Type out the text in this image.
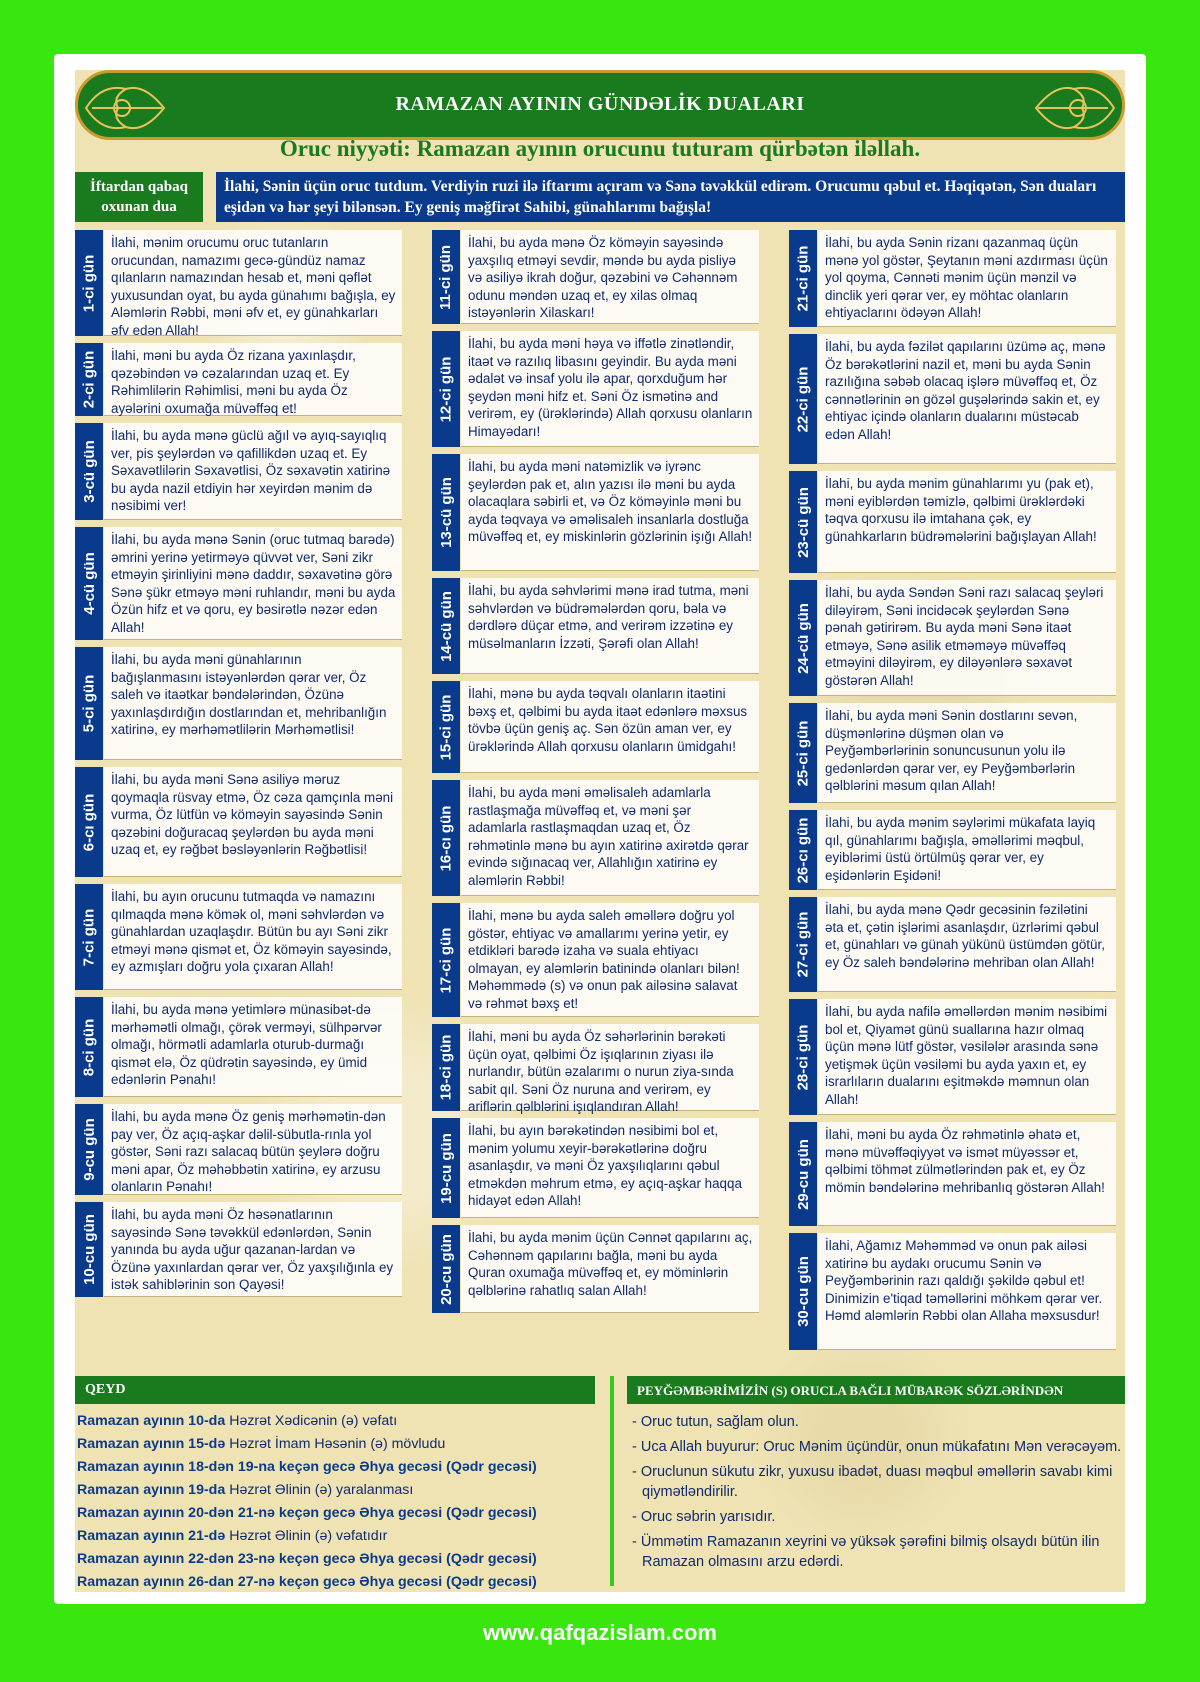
RAMAZAN AYININ GÜNDƏLİK DUALARI
Oruc niyyəti: Ramazan ayının orucunu tuturam qürbətən iləllah.
İftardan qabaq oxunan dua
İlahi, Sənin üçün oruc tutdum. Verdiyin ruzi ilə iftarımı açıram və Sənə təvəkkül edirəm. Orucumu qəbul et. Həqiqətən, Sən duaları eşidən və hər şeyi bilənsən. Ey geniş məğfirət Sahibi, günahlarımı bağışla!
1-ci gün
İlahi, mənim orucumu oruc tutanların orucundan, namazımı gecə-gündüz namaz qılanların namazından hesab et, məni qəflət yuxusundan oyat, bu ayda günahımı bağışla, ey Aləmlərin Rəbbi, məni əfv et, ey günahkarları əfv edən Allah!
2-ci gün	İlahi, məni bu ayda Öz rizana yaxınlaşdır, qəzəbindən və cəzalarından uzaq et. Ey Rəhimlilərin Rəhimlisi, məni bu ayda Öz ayələrini oxumağa müvəffəq et!
3-cü gün
İlahi, bu ayda mənə güclü ağıl və ayıq-sayıqlıq ver, pis şeylərdən və qafillikdən uzaq et. Ey Səxavətlilərin Səxavətlisi, Öz səxavətin xatirinə bu ayda nazil etdiyin hər xeyirdən mənim də nəsibimi ver!
4-cü gün
İlahi, bu ayda mənə Sənin (oruc tutmaq barədə) əmrini yerinə yetirməyə qüvvət ver, Səni zikr etməyin şirinliyini mənə daddır, səxavətinə görə Sənə şükr etməyə məni ruhlandır, məni bu ayda Özün hifz et və qoru, ey bəsirətlə nəzər edən Allah!
5-ci gün
İlahi, bu ayda məni günahlarının bağışlanmasını istəyənlərdən qərar ver, Öz saleh və itaətkar bəndələrindən, Özünə yaxınlaşdırdığın dostlarından et, mehribanlığın xatirinə, ey mərhəmətlilərin Mərhəmətlisi!
6-cı gün
İlahi, bu ayda məni Sənə asiliyə məruz qoymaqla rüsvay etmə, Öz cəza qamçınla məni vurma, Öz lütfün və köməyin sayəsində Sənin qəzəbini doğuracaq şeylərdən bu ayda məni uzaq et, ey rəğbət bəsləyənlərin Rəğbətlisi!
7-ci gün
İlahi, bu ayın orucunu tutmaqda və namazını qılmaqda mənə kömək ol, məni səhvlərdən və günahlardan uzaqlaşdır. Bütün bu ayı Səni zikr etməyi mənə qismət et, Öz köməyin sayəsində, ey azmışları doğru yola çıxaran Allah!
8-ci gün
İlahi, bu ayda mənə yetimlərə münasibət-də mərhəmətli olmağı, çörək verməyi, sülhpərvər olmağı, hörmətli adamlarla oturub-durmağı qismət elə, Öz qüdrətin sayəsində, ey ümid edənlərin Pənahı!
9-cu gün
İlahi, bu ayda mənə Öz geniş mərhəmətin-dən pay ver, Öz açıq-aşkar dəlil-sübutla-rınla yol göstər, Səni razı salacaq bütün şeylərə doğru məni apar, Öz məhəbbətin xatirinə, ey arzusu olanların Pənahı!
10-cu gün	İlahi, bu ayda məni Öz həsənatlarının sayəsində Sənə təvəkkül edənlərdən, Sənin yanında bu ayda uğur qazanan-lardan və Özünə yaxınlardan qərar ver, Öz yaxşılığınla ey istək sahiblərinin son Qayəsi!
11-ci gün
İlahi, bu ayda mənə Öz köməyin sayəsində yaxşılıq etməyi sevdir, məndə bu ayda pisliyə və asiliyə ikrah doğur, qəzəbini və Cəhənnəm odunu məndən uzaq et, ey xilas olmaq istəyənlərin Xilaskarı!
12-ci gün
İlahi, bu ayda məni həya və iffətlə zinətləndir, itaət və razılıq libasını geyindir. Bu ayda məni ədalət və insaf yolu ilə apar, qorxduğum hər şeydən məni hifz et. Səni Öz ismətinə and verirəm, ey (ürəklərində) Allah qorxusu olanların Himayədarı!
13-cü gün
İlahi, bu ayda məni natəmizlik və iyrənc şeylərdən pak et, alın yazısı ilə məni bu ayda olacaqlara səbirli et, və Öz köməyinlə məni bu ayda təqvaya və əməlisaleh insanlarla dostluğa müvəffəq et, ey miskinlərin gözlərinin işığı Allah!
14-cü gün
İlahi, bu ayda səhvlərimi mənə irad tutma, məni səhvlərdən və büdrəmələrdən qoru, bəla və dərdlərə düçar etmə, and verirəm izzətinə ey müsəlmanların İzzəti, Şərəfi olan Allah!
15-ci gün
İlahi, mənə bu ayda təqvalı olanların itaətini bəxş et, qəlbimi bu ayda itaət edənlərə məxsus tövbə üçün geniş aç. Sən özün aman ver, ey ürəklərində Allah qorxusu olanların ümidgahı!
16-cı gün
İlahi, bu ayda məni əməlisaleh adamlarla rastlaşmağa müvəffəq et, və məni şər adamlarla rastlaşmaqdan uzaq et, Öz rəhmətinlə mənə bu ayın xatirinə axirətdə qərar evində sığınacaq ver, Allahlığın xatirinə ey aləmlərin Rəbbi!
17-ci gün
İlahi, mənə bu ayda saleh əməllərə doğru yol göstər, ehtiyac və amallarımı yerinə yetir, ey etdikləri barədə izaha və suala ehtiyacı olmayan, ey aləmlərin batinində olanları bilən! Məhəmmədə (s) və onun pak ailəsinə salavat və rəhmət bəxş et!
18-ci gün	İlahi, məni bu ayda Öz səhərlərinin bərəkəti üçün oyat, qəlbimi Öz işıqlarının ziyası ilə nurlandır, bütün əzalarımı o nurun ziya-sında sabit qıl. Səni Öz nuruna and verirəm, ey ariflərin qəlblərini işıqlandıran Allah!
19-cu gün
İlahi, bu ayın bərəkətindən nəsibimi bol et, mənim yolumu xeyir-bərəkətlərinə doğru asanlaşdır, və məni Öz yaxşılıqlarını qəbul etməkdən məhrum etmə, ey açıq-aşkar haqqa hidayət edən Allah!
20-cu gün	İlahi, bu ayda mənim üçün Cənnət qapılarını aç, Cəhənnəm qapılarını bağla, məni bu ayda Quran oxumağa müvəffəq et, ey möminlərin qəlblərinə rahatlıq salan Allah!
21-ci gün
İlahi, bu ayda Sənin rizanı qazanmaq üçün mənə yol göstər, Şeytanın məni azdırması üçün yol qoyma, Cənnəti mənim üçün mənzil və dinclik yeri qərar ver, ey möhtac olanların ehtiyaclarını ödəyən Allah!
22-ci gün
İlahi, bu ayda fəzilət qapılarını üzümə aç, mənə Öz bərəkətlərini nazil et, məni bu ayda Sənin razılığına səbəb olacaq işlərə müvəffəq et, Öz cənnətlərinin ən gözəl guşələrində sakin et, ey ehtiyac içində olanların dualarını müstəcab edən Allah!
23-cü gün
İlahi, bu ayda mənim günahlarımı yu (pak et), məni eyiblərdən təmizlə, qəlbimi ürəklərdəki təqva qorxusu ilə imtahana çək, ey günahkarların büdrəmələrini bağışlayan Allah!
24-cü gün
İlahi, bu ayda Səndən Səni razı salacaq şeyləri diləyirəm, Səni incidəcək şeylərdən Sənə pənah gətirirəm. Bu ayda məni Sənə itaət etməyə, Sənə asilik etməməyə müvəffəq etməyini diləyirəm, ey diləyənlərə səxavət göstərən Allah!
25-ci gün
İlahi, bu ayda məni Sənin dostlarını sevən, düşmənlərinə düşmən olan və Peyğəmbərlərinin sonuncusunun yolu ilə gedənlərdən qərar ver, ey Peyğəmbərlərin qəlblərini məsum qılan Allah!
26-cı gün	İlahi, bu ayda mənim səylərimi mükafata layiq qıl, günahlarımı bağışla, əməllərimi məqbul, eyiblərimi üstü örtülmüş qərar ver, ey eşidənlərin Eşidəni!
27-ci gün
İlahi, bu ayda mənə Qədr gecəsinin fəzilətini əta et, çətin işlərimi asanlaşdır, üzrlərimi qəbul et, günahları və günah yükünü üstümdən götür, ey Öz saleh bəndələrinə mehriban olan Allah!
28-ci gün
İlahi, bu ayda nafilə əməllərdən mənim nəsibimi bol et, Qiyamət günü suallarına hazır olmaq üçün mənə lütf göstər, vəsilələr arasında sənə yetişmək üçün vəsiləmi bu ayda yaxın et, ey israrlıların dualarını eşitməkdə məmnun olan Allah!
29-cu gün
İlahi, məni bu ayda Öz rəhmətinlə əhatə et, mənə müvəffəqiyyət və ismət müyəssər et, qəlbimi töhmət zülmətlərindən pak et, ey Öz mömin bəndələrinə mehribanlıq göstərən Allah!
30-cu gün
İlahi, Ağamız Məhəmməd və onun pak ailəsi xatirinə bu aydakı orucumu Sənin və Peyğəmbərinin razı qaldığı şəkildə qəbul et! Dinimizin e'tiqad təməllərini möhkəm qərar ver. Həmd aləmlərin Rəbbi olan Allaha məxsusdur!
QEYD	PEYĞƏMBƏRİMİZİN (S) ORUCLA BAĞLI MÜBARƏK SÖZLƏRİNDƏN
Ramazan ayının 10-da Həzrət Xədicənin (ə) vəfatı
Ramazan ayının 15-də Həzrət İmam Həsənin (ə) mövludu
Ramazan ayının 18-dən 19-na keçən gecə Əhya gecəsi (Qədr gecəsi)
Ramazan ayının 19-da Həzrət Əlinin (ə) yaralanması
Ramazan ayının 20-dən 21-nə keçən gecə Əhya gecəsi (Qədr gecəsi)
Ramazan ayının 21-də Həzrət Əlinin (ə) vəfatıdır
Ramazan ayının 22-dən 23-nə keçən gecə Əhya gecəsi (Qədr gecəsi)
Ramazan ayının 26-dan 27-nə keçən gecə Əhya gecəsi (Qədr gecəsi)
- Oruc tutun, sağlam olun.
- Uca Allah buyurur: Oruc Mənim üçündür, onun mükafatını Mən verəcəyəm.
- Oruclunun sükutu zikr, yuxusu ibadət, duası məqbul əməllərin savabı kimi qiymətləndirilir.
- Oruc səbrin yarısıdır.
- Ümmətim Ramazanın xeyrini və yüksək şərəfini bilmiş olsaydı bütün ilin Ramazan olmasını arzu edərdi.
www.qafqazislam.com
